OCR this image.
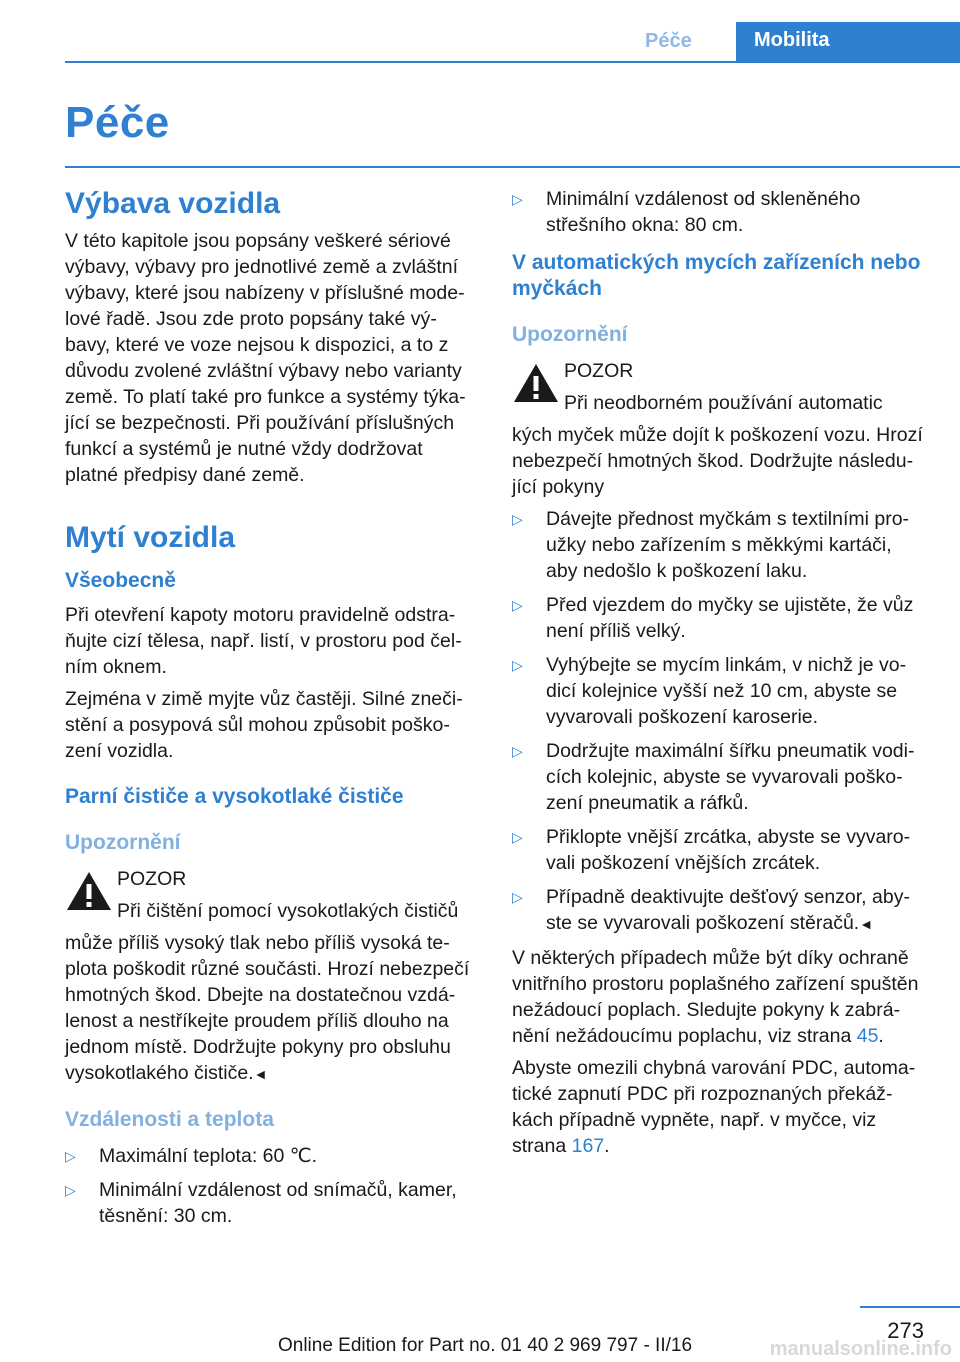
Péče	Mobilita
Péče
Výbava vozidla

V této kapitole jsou popsány veškeré sériové výbavy, výbavy pro jednotlivé země a zvláštní výbavy, které jsou nabízeny v příslušné modelové řadě. Jsou zde proto popsány také výbavy, které ve voze nejsou k dispozici, a to z důvodu zvolené zvláštní výbavy nebo varianty země. To platí také pro funkce a systémy týkající se bezpečnosti. Při používání příslušných funkcí a systémů je nutné vždy dodržovat platné předpisy dané země.

Mytí vozidla
Všeobecně

Při otevření kapoty motoru pravidelně odstraňujte cizí tělesa, např. listí, v prostoru pod čelním oknem.

Zejména v zimě myjte vůz častěji. Silné znečistění a posypová sůl mohou způsobit poškození vozidla.

Parní čističe a vysokotlaké čističe
Upozornění

POZOR

Při čištění pomocí vysokotlakých čističů

může příliš vysoký tlak nebo příliš vysoká teplota poškodit různé součásti. Hrozí nebezpečí hmotných škod. Dbejte na dostatečnou vzdálenost a nestříkejte proudem příliš dlouho na jednom místě. Dodržujte pokyny pro obsluhu vysokotlakého čističe.◄

Vzdálenosti a teplota
▷ Maximální teplota: 60 ℃.
▷ Minimální vzdálenost od snímačů, kamer, těsnění: 30 cm.
▷ Minimální vzdálenost od skleněného střešního okna: 80 cm.
V automatických mycích zařízeních nebo myčkách
Upozornění

POZOR

Při neodborném používání automatic

kých myček může dojít k poškození vozu. Hrozí nebezpečí hmotných škod. Dodržujte následující pokyny

▷ Dávejte přednost myčkám s textilními proužky nebo zařízením s měkkými kartáči, aby nedošlo k poškození laku.
▷ Před vjezdem do myčky se ujistěte, že vůz není příliš velký.
▷ Vyhýbejte se mycím linkám, v nichž je vodicí kolejnice vyšší než 10 cm, abyste se vyvarovali poškození karoserie.
▷ Dodržujte maximální šířku pneumatik vodicích kolejnic, abyste se vyvarovali poškození pneumatik a ráfků.
▷ Přiklopte vnější zrcátka, abyste se vyvarovali poškození vnějších zrcátek.
▷ Případně deaktivujte dešťový senzor, abyste se vyvarovali poškození stěračů.◄

V některých případech může být díky ochraně vnitřního prostoru poplašného zařízení spuštěn nežádoucí poplach. Sledujte pokyny k zabránění nežádoucímu poplachu, viz strana 45.

Abyste omezili chybná varování PDC, automatické zapnutí PDC při rozpoznaných překážkách případně vypněte, např. v myčce, viz strana 167.

273
Online Edition for Part no. 01 40 2 969 797 - II/16	manualsonline.info
